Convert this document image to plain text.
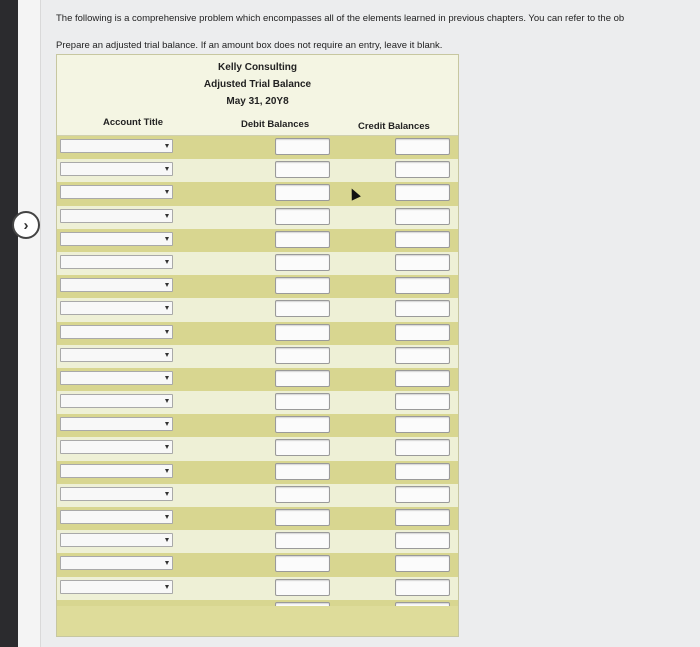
›
The following is a comprehensive problem which encompasses all of the elements learned in previous chapters. You can refer to the ob
Prepare an adjusted trial balance. If an amount box does not require an entry, leave it blank.
Kelly Consulting
Adjusted Trial Balance
May 31, 20Y8
Account Title	Debit Balances	Credit Balances
